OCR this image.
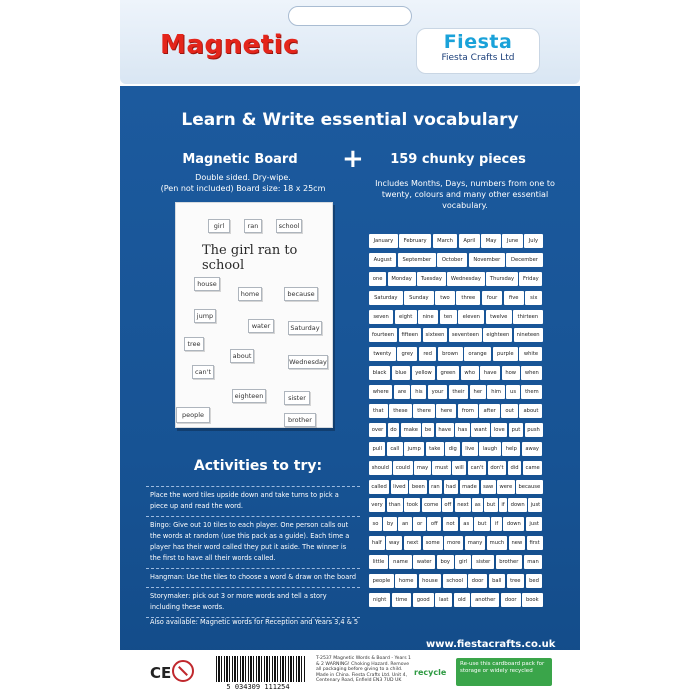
Magnetic	Fiesta
Fiesta Crafts Ltd
Learn & Write essential vocabulary
Magnetic Board	+	159 chunky pieces
Double sided. Dry-wipe.
(Pen not included) Board size: 18 x 25cm
Includes Months, Days, numbers from one to twenty, colours and many other essential vocabulary.
girl	ran	school
The girl ran to school
house
home	because
jump
water	Saturday
tree
about
can't
Wednesday
eighteen	sister
people
brother
January	February	March	April	May	June	July
August	September	October	November	December
one	Monday	Tuesday	Wednesday	Thursday	Friday
Saturday	Sunday	two	three	four	five	six
seven	eight	nine	ten	eleven	twelve	thirteen
fourteen	fifteen	sixteen	seventeen	eighteen	nineteen
twenty	grey	red	brown	orange	purple	white
black	blue	yellow	green	who	have	how	when
where	are	his	your	their	her	him	us	them
that	these	there	here	from	after	out	about
over	do	make	be	have	has	want	love	put	push
pull	call	jump	take	dig	live	laugh	help	away
should	could	may	must	will	can't	don't	did	came
called	lived	been	ran	had	made	saw	were	because
very	than	took	come	off	next	as	but	if	down	just
so	by	an	or	off	not	as	but	if	down	just
half	way	next	some	more	many	much	new	first
little	name	water	boy	girl	sister	brother	man
people	home	house	school	door	ball	tree	bed
night	time	good	last	old	another	door	book
Activities to try:
Place the word tiles upside down and take turns to pick a piece up and read the word.
Bingo: Give out 10 tiles to each player. One person calls out the words at random (use this pack as a guide). Each time a player has their word called they put it aside. The winner is the first to have all their words called.
Hangman: Use the tiles to choose a word & draw on the board
Storymaker: pick out 3 or more words and tell a story including these words.
Also available: Magnetic words for Reception and Years 3,4 & 5
www.fiestacrafts.co.uk
CE
5 034309 111254
T-2537 Magnetic Words & Board - Years 1 & 2 WARNING! Choking Hazard. Remove all packaging before giving to a child. Made in China. Fiesta Crafts Ltd. Unit 4, Centenary Road, Enfield EN3 7UD UK
recycle
Re-use this cardboard pack for storage or widely recycled
